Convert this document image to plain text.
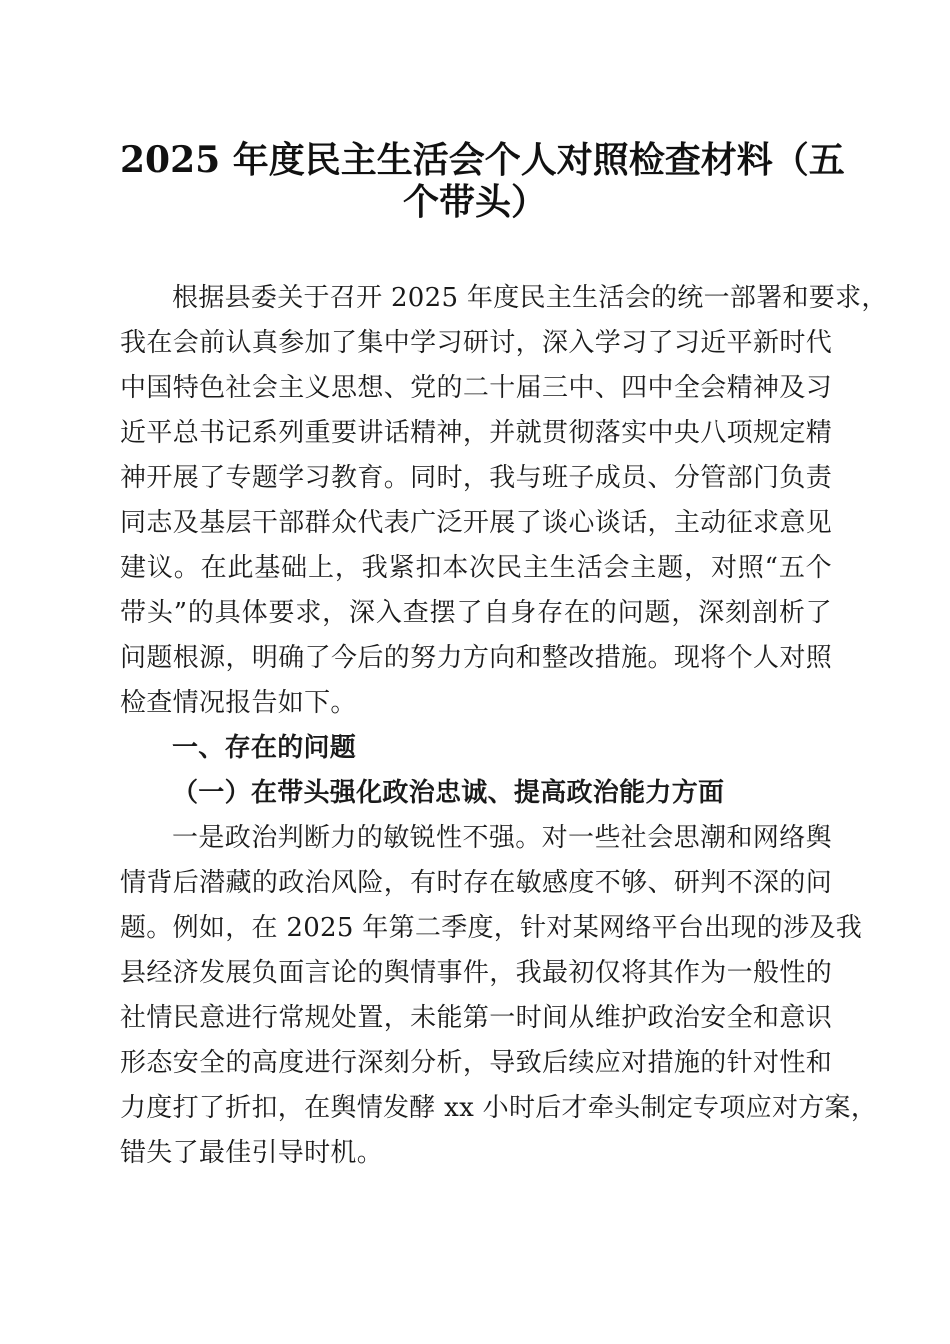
2025 年度民主生活会个人对照检查材料（五
个带头）
根据县委关于召开 2025 年度民主生活会的统一部署和要求，
我在会前认真参加了集中学习研讨，深入学习了习近平新时代
中国特色社会主义思想、党的二十届三中、四中全会精神及习
近平总书记系列重要讲话精神，并就贯彻落实中央八项规定精
神开展了专题学习教育。同时，我与班子成员、分管部门负责
同志及基层干部群众代表广泛开展了谈心谈话，主动征求意见
建议。在此基础上，我紧扣本次民主生活会主题，对照“五个
带头”的具体要求，深入查摆了自身存在的问题，深刻剖析了
问题根源，明确了今后的努力方向和整改措施。现将个人对照
检查情况报告如下。
一、存在的问题
（一）在带头强化政治忠诚、提高政治能力方面
一是政治判断力的敏锐性不强。对一些社会思潮和网络舆
情背后潜藏的政治风险，有时存在敏感度不够、研判不深的问
题。例如，在 2025 年第二季度，针对某网络平台出现的涉及我
县经济发展负面言论的舆情事件，我最初仅将其作为一般性的
社情民意进行常规处置，未能第一时间从维护政治安全和意识
形态安全的高度进行深刻分析，导致后续应对措施的针对性和
力度打了折扣，在舆情发酵 xx 小时后才牵头制定专项应对方案，
错失了最佳引导时机。
